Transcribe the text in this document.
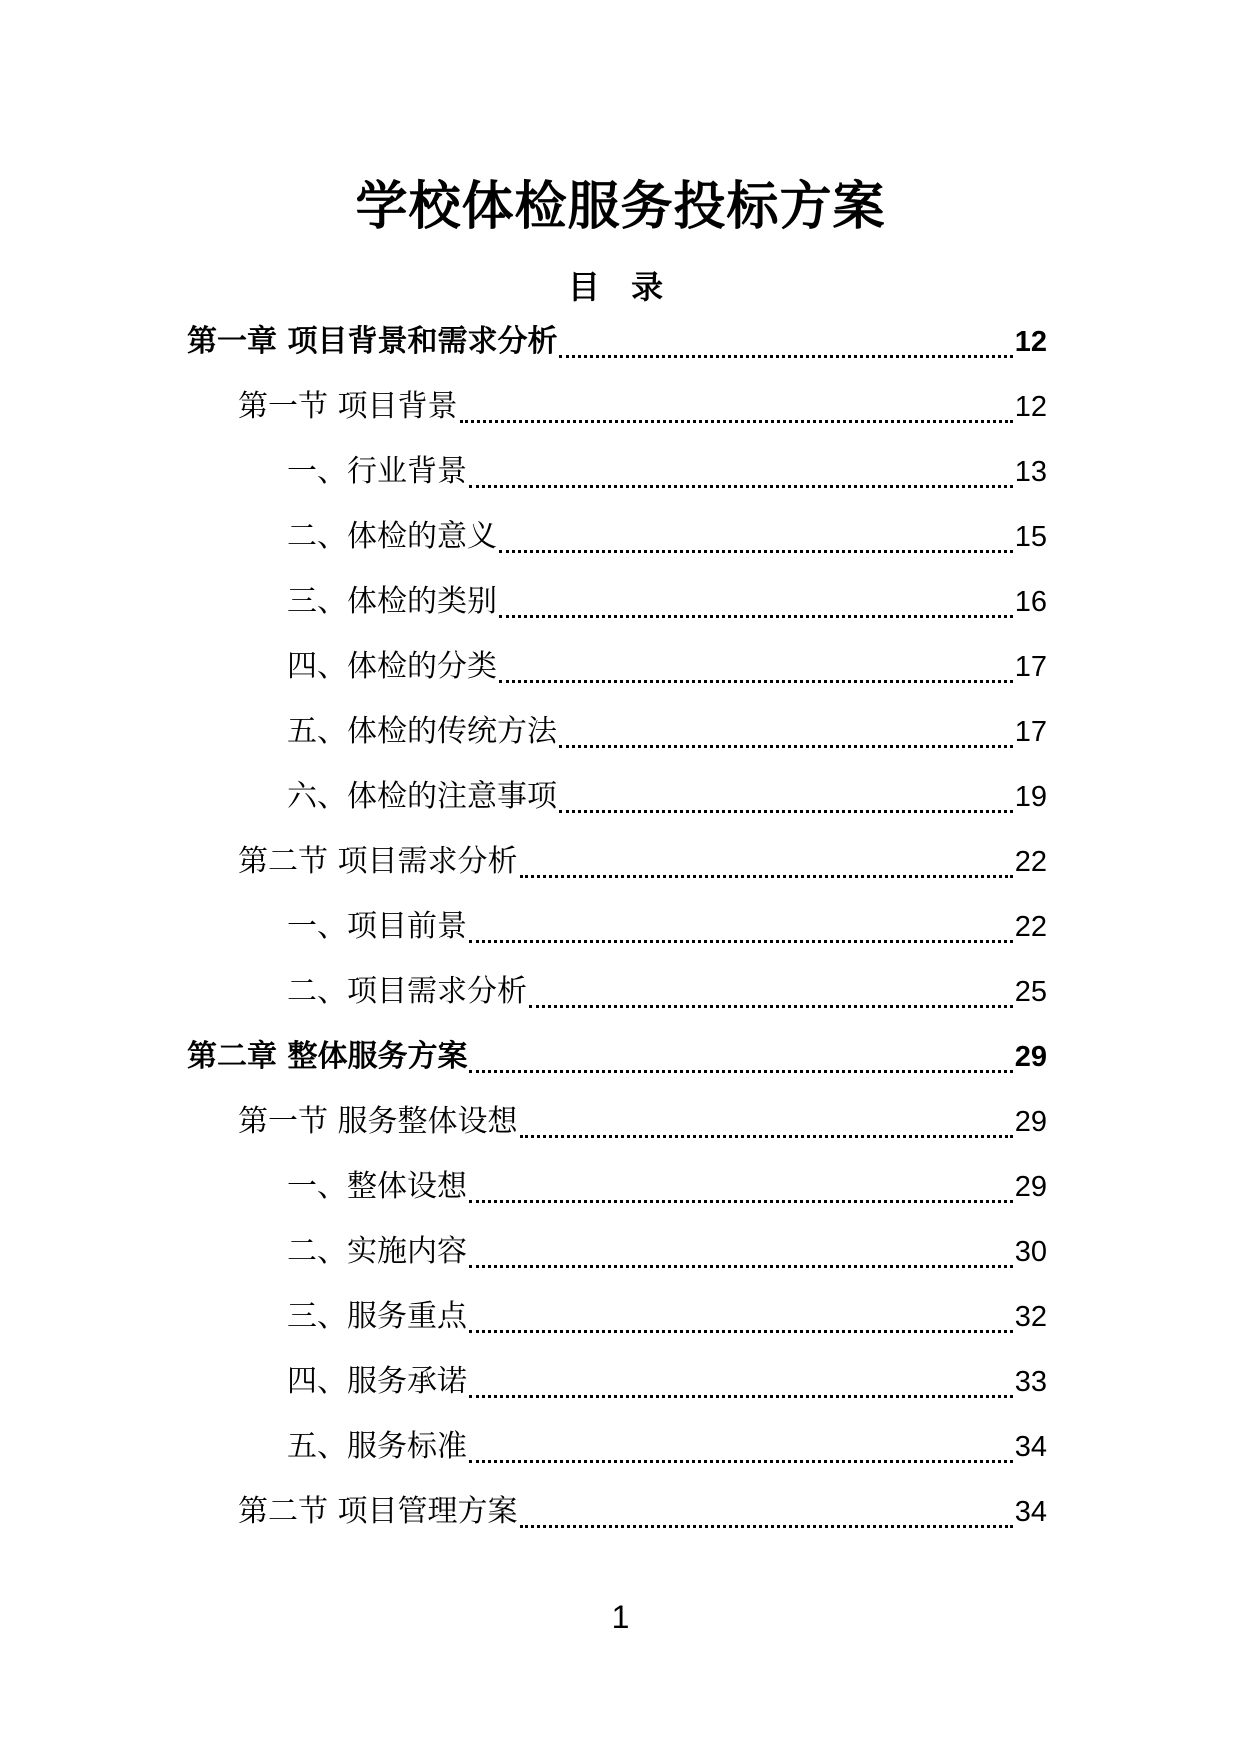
学校体检服务投标方案
目 录
第一章 项目背景和需求分析	12
第一节 项目背景	12
一、行业背景	13
二、体检的意义	15
三、体检的类别	16
四、体检的分类	17
五、体检的传统方法	17
六、体检的注意事项	19
第二节 项目需求分析	22
一、项目前景	22
二、项目需求分析	25
第二章 整体服务方案	29
第一节 服务整体设想	29
一、整体设想	29
二、实施内容	30
三、服务重点	32
四、服务承诺	33
五、服务标准	34
第二节 项目管理方案	34
1
